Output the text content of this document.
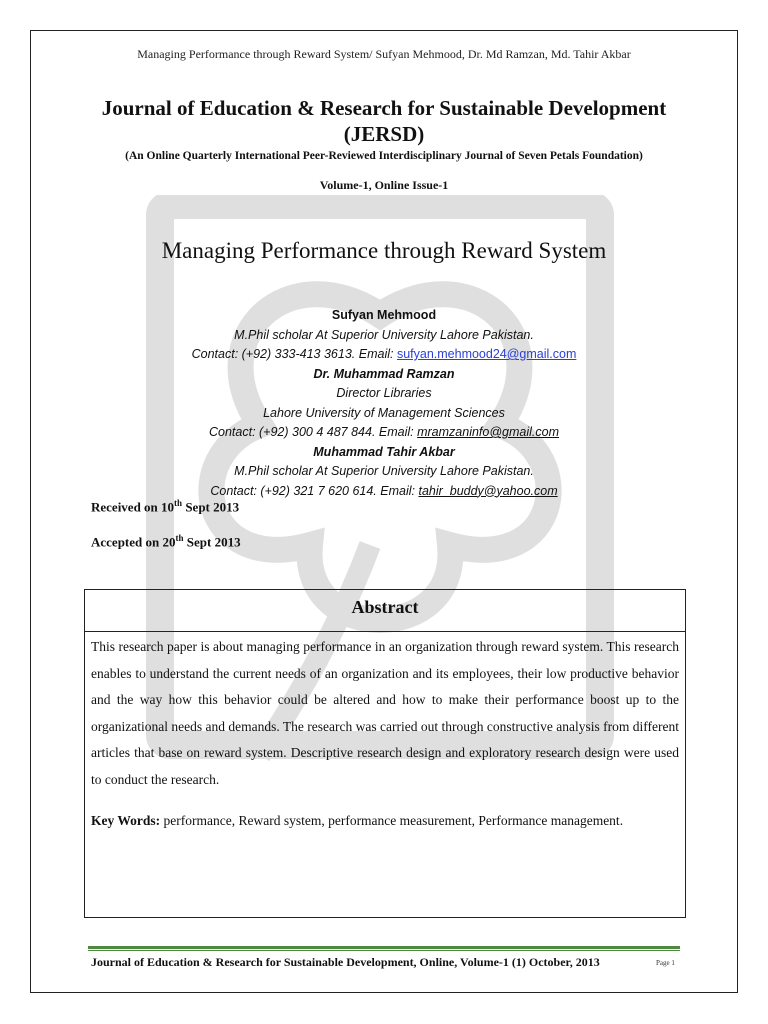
Managing Performance through Reward System/ Sufyan Mehmood, Dr. Md Ramzan, Md. Tahir Akbar
Journal of Education & Research for Sustainable Development
(JERSD)
(An Online Quarterly International Peer-Reviewed Interdisciplinary Journal of Seven Petals Foundation)
Volume-1, Online Issue-1
Managing Performance through Reward System
Sufyan Mehmood
M.Phil scholar At Superior University Lahore Pakistan.
Contact: (+92) 333-413 3613. Email: sufyan.mehmood24@gmail.com
Dr. Muhammad Ramzan
Director Libraries
Lahore University of Management Sciences
Contact: (+92) 300 4 487 844. Email: mramzaninfo@gmail.com
Muhammad Tahir Akbar
M.Phil scholar At Superior University Lahore Pakistan.
Contact: (+92) 321 7 620 614. Email: tahir_buddy@yahoo.com
Received on 10th Sept 2013
Accepted on 20th Sept 2013
Abstract
This research paper is about managing performance in an organization through reward system. This research enables to understand the current needs of an organization and its employees, their low productive behavior and the way how this behavior could be altered and how to make their performance boost up to the organizational needs and demands. The research was carried out through constructive analysis from different articles that base on reward system. Descriptive research design and exploratory research design were used to conduct the research.
Key Words: performance, Reward system, performance measurement, Performance management.
Journal of Education & Research for Sustainable Development, Online, Volume-1 (1) October, 2013	Page 1
